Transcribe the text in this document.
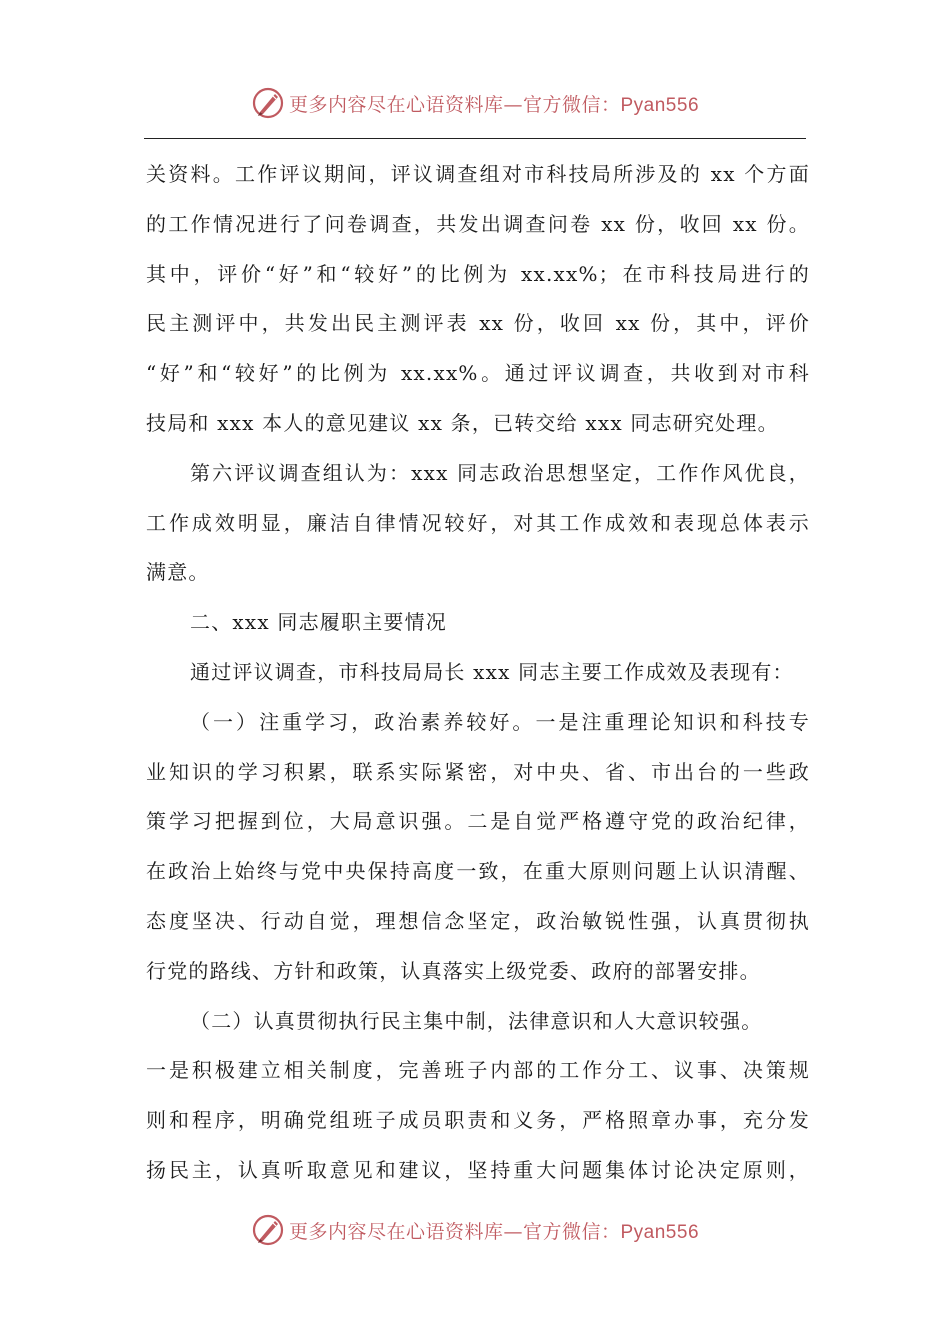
更多内容尽在心语资料库—官方微信：Pyan556
关资料。工作评议期间，评议调查组对市科技局所涉及的 xx 个方面
的工作情况进行了问卷调查，共发出调查问卷 xx 份，收回 xx 份。
其中，评价“好”和“较好”的比例为 xx.xx%；在市科技局进行的
民主测评中，共发出民主测评表 xx 份，收回 xx 份，其中，评价
“好”和“较好”的比例为 xx.xx%。通过评议调查，共收到对市科
技局和 xxx 本人的意见建议 xx 条，已转交给 xxx 同志研究处理。
第六评议调查组认为：xxx 同志政治思想坚定，工作作风优良，
工作成效明显，廉洁自律情况较好，对其工作成效和表现总体表示
满意。
二、xxx 同志履职主要情况
通过评议调查，市科技局局长 xxx 同志主要工作成效及表现有：
（一）注重学习，政治素养较好。一是注重理论知识和科技专
业知识的学习积累，联系实际紧密，对中央、省、市出台的一些政
策学习把握到位，大局意识强。二是自觉严格遵守党的政治纪律，
在政治上始终与党中央保持高度一致，在重大原则问题上认识清醒、
态度坚决、行动自觉，理想信念坚定，政治敏锐性强，认真贯彻执
行党的路线、方针和政策，认真落实上级党委、政府的部署安排。
（二）认真贯彻执行民主集中制，法律意识和人大意识较强。
一是积极建立相关制度，完善班子内部的工作分工、议事、决策规
则和程序，明确党组班子成员职责和义务，严格照章办事，充分发
扬民主，认真听取意见和建议，坚持重大问题集体讨论决定原则，
更多内容尽在心语资料库—官方微信：Pyan556
